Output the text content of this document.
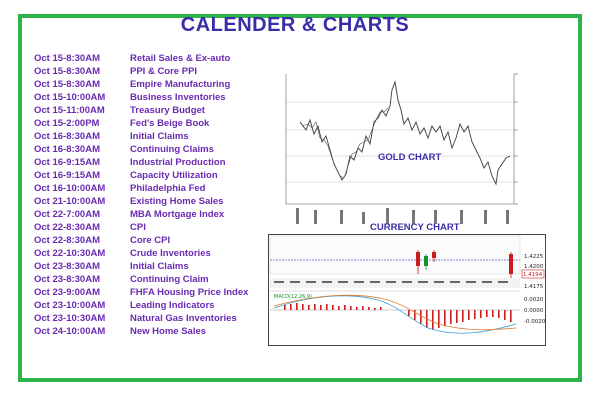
CALENDER & CHARTS
Oct 15-8:30AM	Retail Sales & Ex-auto
Oct 15-8:30AM	PPI & Core PPI
Oct 15-8:30AM	Empire Manufacturing
Oct 15-10:00AM	Business Inventories
Oct 15-11:00AM	Treasury Budget
Oct 15-2:00PM	Fed's Beige Book
Oct 16-8:30AM	Initial Claims
Oct 16-8:30AM	Continuing Claims
Oct 16-9:15AM	Industrial Production
Oct 16-9:15AM	Capacity Utilization
Oct 16-10:00AM	Philadelphia Fed
Oct 21-10:00AM	Existing Home Sales
Oct 22-7:00AM	MBA Mortgage Index
Oct 22-8:30AM	CPI
Oct 22-8:30AM	Core CPI
Oct 22-10:30AM	Crude Inventories
Oct 23-8:30AM	Initial Claims
Oct 23-8:30AM	Continuing Claim
Oct 23-9:00AM	FHFA Housing Price Index
Oct 23-10:00AM	Leading Indicators
Oct 23-10:30AM	Natural Gas Inventories
Oct 24-10:00AM	New Home Sales
GOLD CHART
CURRENCY CHART
1.4194
1.4225
1.4200
1.4175
MACD(12,26,9)	0.0020
0.0000
-0.0020
